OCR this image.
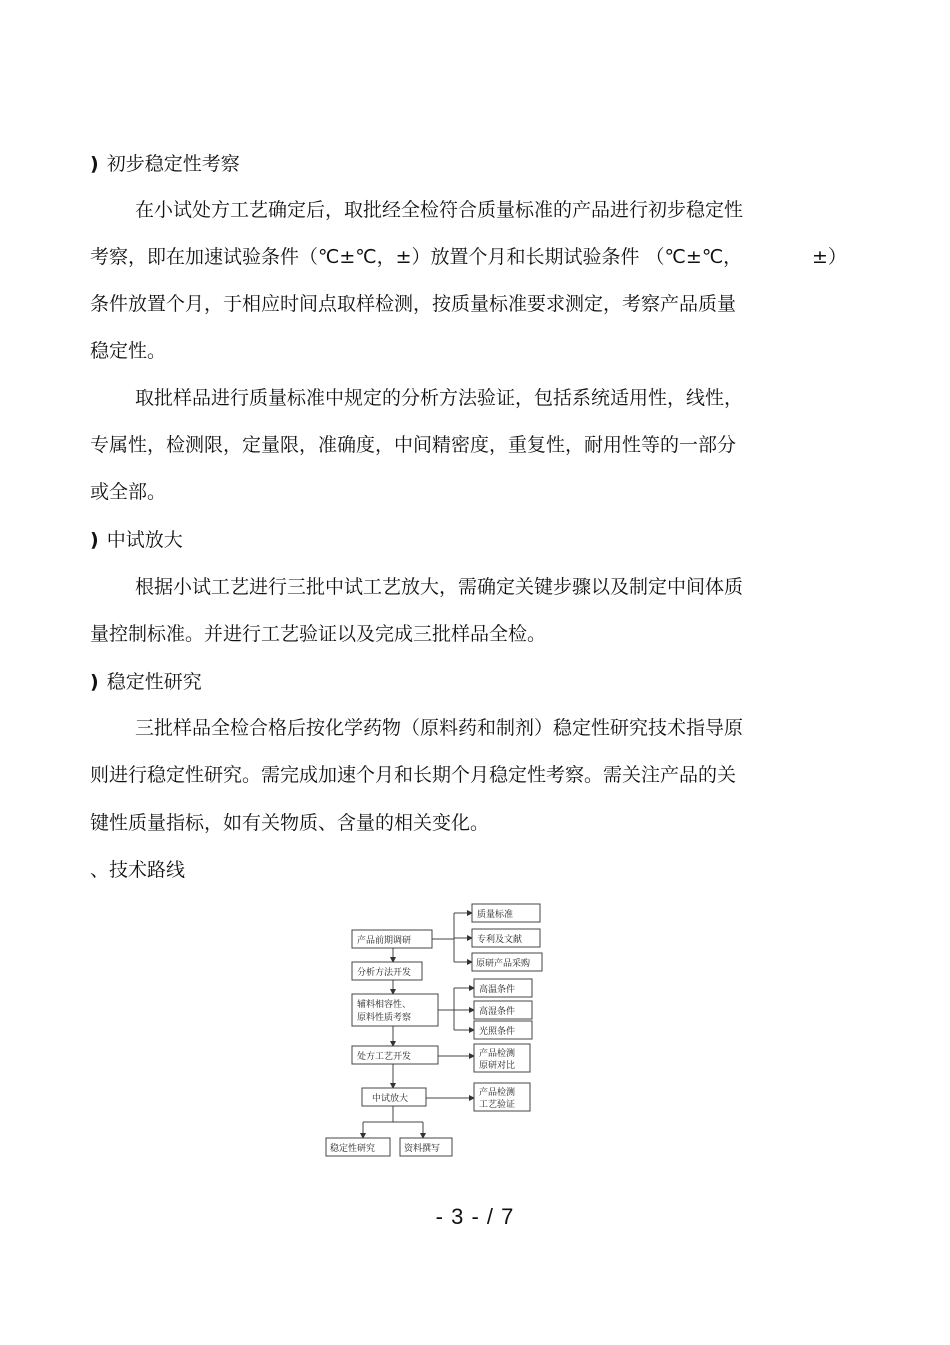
) 初步稳定性考察
在小试处方工艺确定后，取批经全检符合质量标准的产品进行初步稳定性
考察，即在加速试验条件（℃±℃，±）放置个月和长期试验条件 （℃±℃，	±）
条件放置个月，于相应时间点取样检测，按质量标准要求测定，考察产品质量
稳定性。
取批样品进行质量标准中规定的分析方法验证，包括系统适用性，线性，
专属性，检测限，定量限，准确度，中间精密度，重复性，耐用性等的一部分
或全部。
) 中试放大
根据小试工艺进行三批中试工艺放大，需确定关键步骤以及制定中间体质
量控制标准。并进行工艺验证以及完成三批样品全检。
) 稳定性研究
三批样品全检合格后按化学药物（原料药和制剂）稳定性研究技术指导原
则进行稳定性研究。需完成加速个月和长期个月稳定性考察。需关注产品的关
键性质量指标，如有关物质、含量的相关变化。
、技术路线
产品前期调研
分析方法开发
辅料相容性、
原料性质考察
处方工艺开发
中试放大
稳定性研究	资料撰写
质量标准
专利及文献
原研产品采购
高温条件
高湿条件
光照条件
产品检测
原研对比
产品检测
工艺验证
- 3 - / 7
